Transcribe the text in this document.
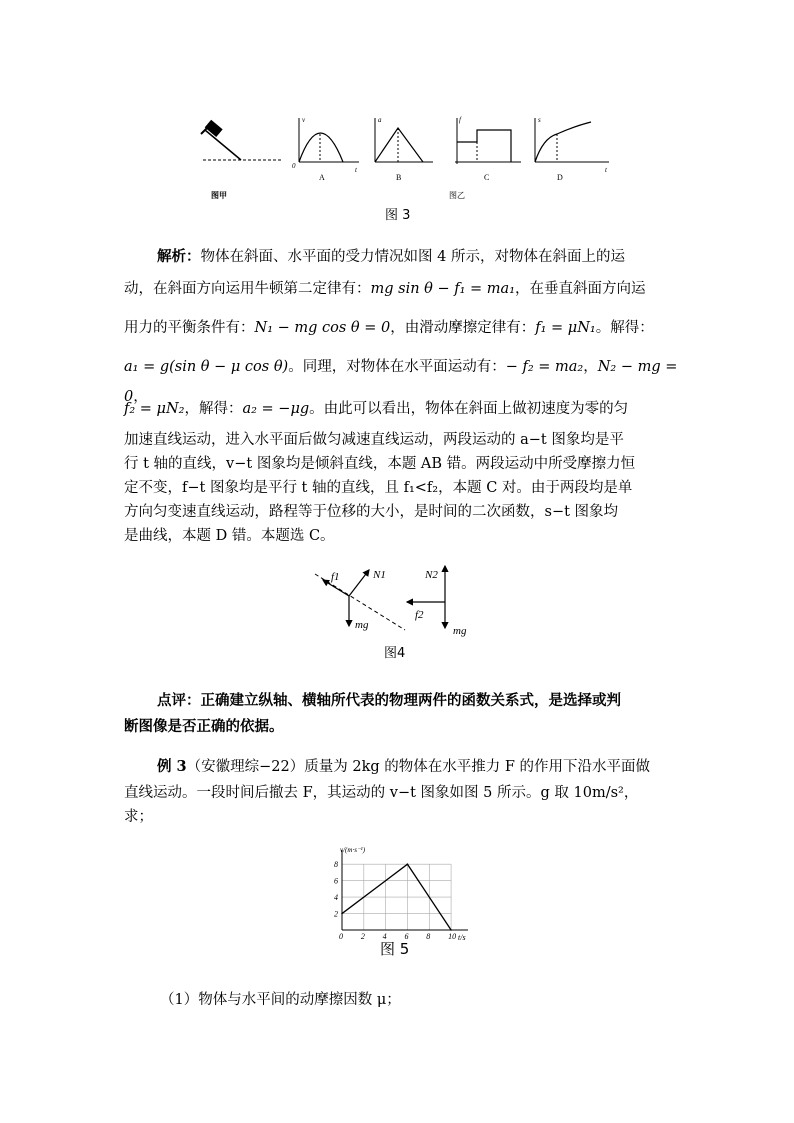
图甲
v
t
0
A
a
B
f
C
图乙
s
t
D
图 3
解析：物体在斜面、水平面的受力情况如图 4 所示，对物体在斜面上的运
动，在斜面方向运用牛顿第二定律有：mg sin θ − f₁ = ma₁，在垂直斜面方向运
用力的平衡条件有：N₁ − mg cos θ = 0，由滑动摩擦定律有：f₁ = μN₁。解得：
a₁ = g(sin θ − μ cos θ)。同理，对物体在水平面运动有：− f₂ = ma₂，N₂ − mg = 0，
f₂ = μN₂，解得：a₂ = −μg。由此可以看出，物体在斜面上做初速度为零的匀
加速直线运动，进入水平面后做匀减速直线运动，两段运动的 a−t 图象均是平
行 t 轴的直线，v−t 图象均是倾斜直线，本题 AB 错。两段运动中所受摩擦力恒
定不变，f−t 图象均是平行 t 轴的直线，且 f₁<f₂，本题 C 对。由于两段均是单
方向匀变速直线运动，路程等于位移的大小，是时间的二次函数，s−t 图象均
是曲线，本题 D 错。本题选 C。
f1	N1
mg
N2
f2
mg
图4
点评：正确建立纵轴、横轴所代表的物理两件的函数关系式，是选择或判
断图像是否正确的依据。
例 3（安徽理综−22）质量为 2kg 的物体在水平推力 F 的作用下沿水平面做
直线运动。一段时间后撤去 F，其运动的 v−t 图象如图 5 所示。g 取 10m/s²，
求；
0 2 4 6 8 10
2
4
6
8
v/(m·s⁻¹)
t/s
图 5
（1）物体与水平间的动摩擦因数 μ；
